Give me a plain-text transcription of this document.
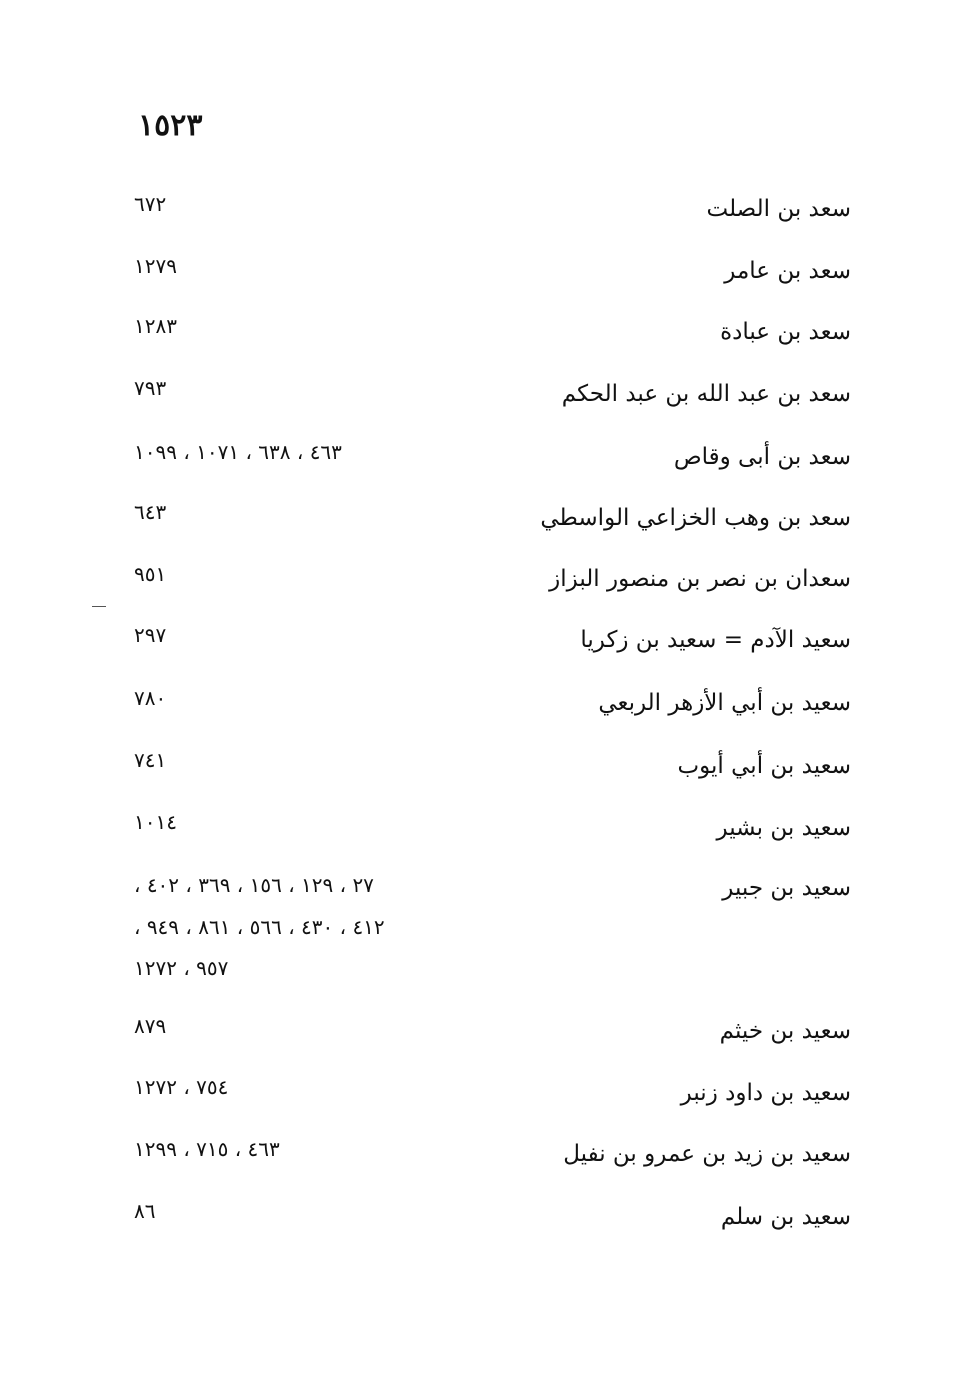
١٥٢٣
سعد بن الصلت
٦٧٢
سعد بن عامر
١٢٧٩
سعد بن عبادة
١٢٨٣
سعد بن عبد الله بن عبد الحكم
٧٩٣
سعد بن أبى وقاص
٤٦٣ ، ٦٣٨ ، ١٠٧١ ، ١٠٩٩
سعد بن وهب الخزاعي الواسطي
٦٤٣
سعدان بن نصر بن منصور البزاز
٩٥١
سعيد الآدم = سعيد بن زكريا
٢٩٧
سعيد بن أبي الأزهر الربعي
٧٨٠
سعيد بن أبي أيوب
٧٤١
سعيد بن بشير
١٠١٤
سعيد بن جبير
٢٧ ، ١٢٩ ، ١٥٦ ، ٣٦٩ ، ٤٠٢ ،
٤١٢ ، ٤٣٠ ، ٥٦٦ ، ٨٦١ ، ٩٤٩ ،
٩٥٧ ، ١٢٧٢
سعيد بن خيثم
٨٧٩
سعيد بن داود زنبر
٧٥٤ ، ١٢٧٢
سعيد بن زيد بن عمرو بن نفيل
٤٦٣ ، ٧١٥ ، ١٢٩٩
سعيد بن سلم
٨٦
